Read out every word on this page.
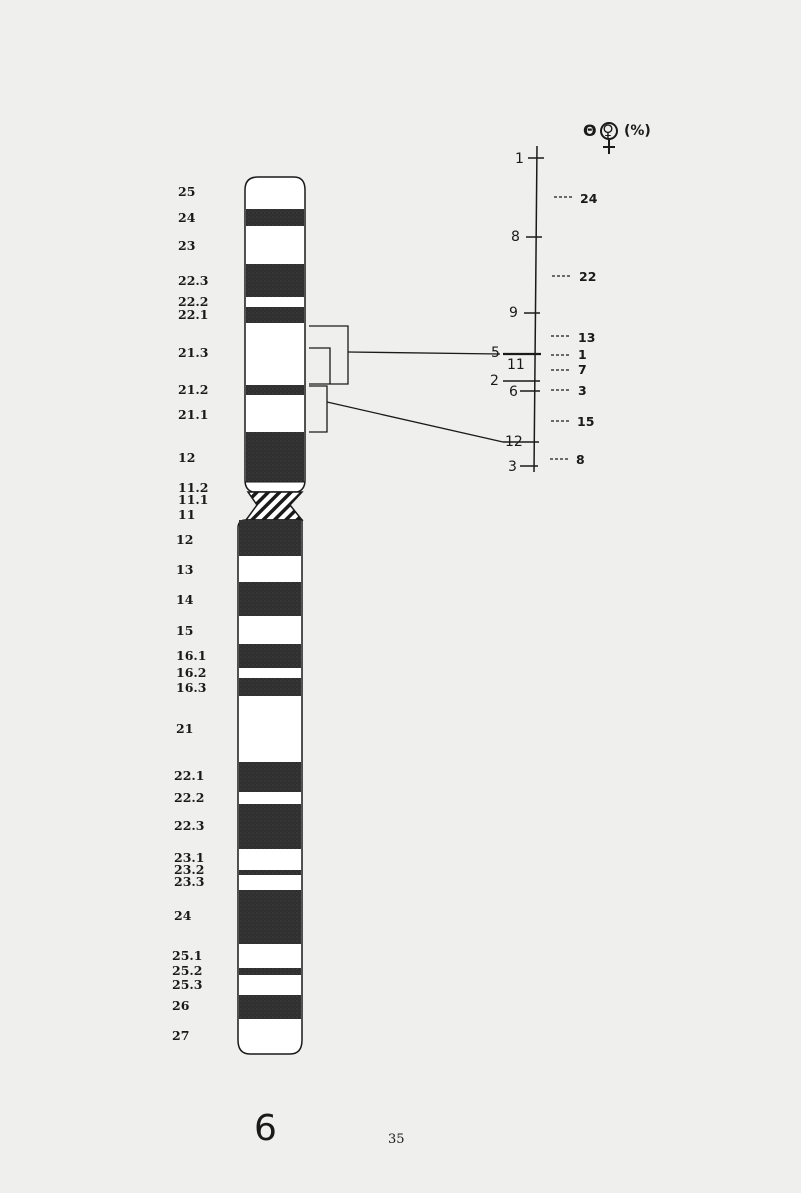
25
24
23
22.3
22.2
22.1
21.3
21.2
21.1
12
11.2
11.1
11
12
13
14
15
16.1
16.2
16.3
21
22.1
22.2
22.3
23.1
23.2
23.3
24
25.1
25.2
25.3
26
27
Θ ♀ (%)
1
8
9
5
11
2
6
12
3
24
22
13
1
7
3
15
8
6	35
